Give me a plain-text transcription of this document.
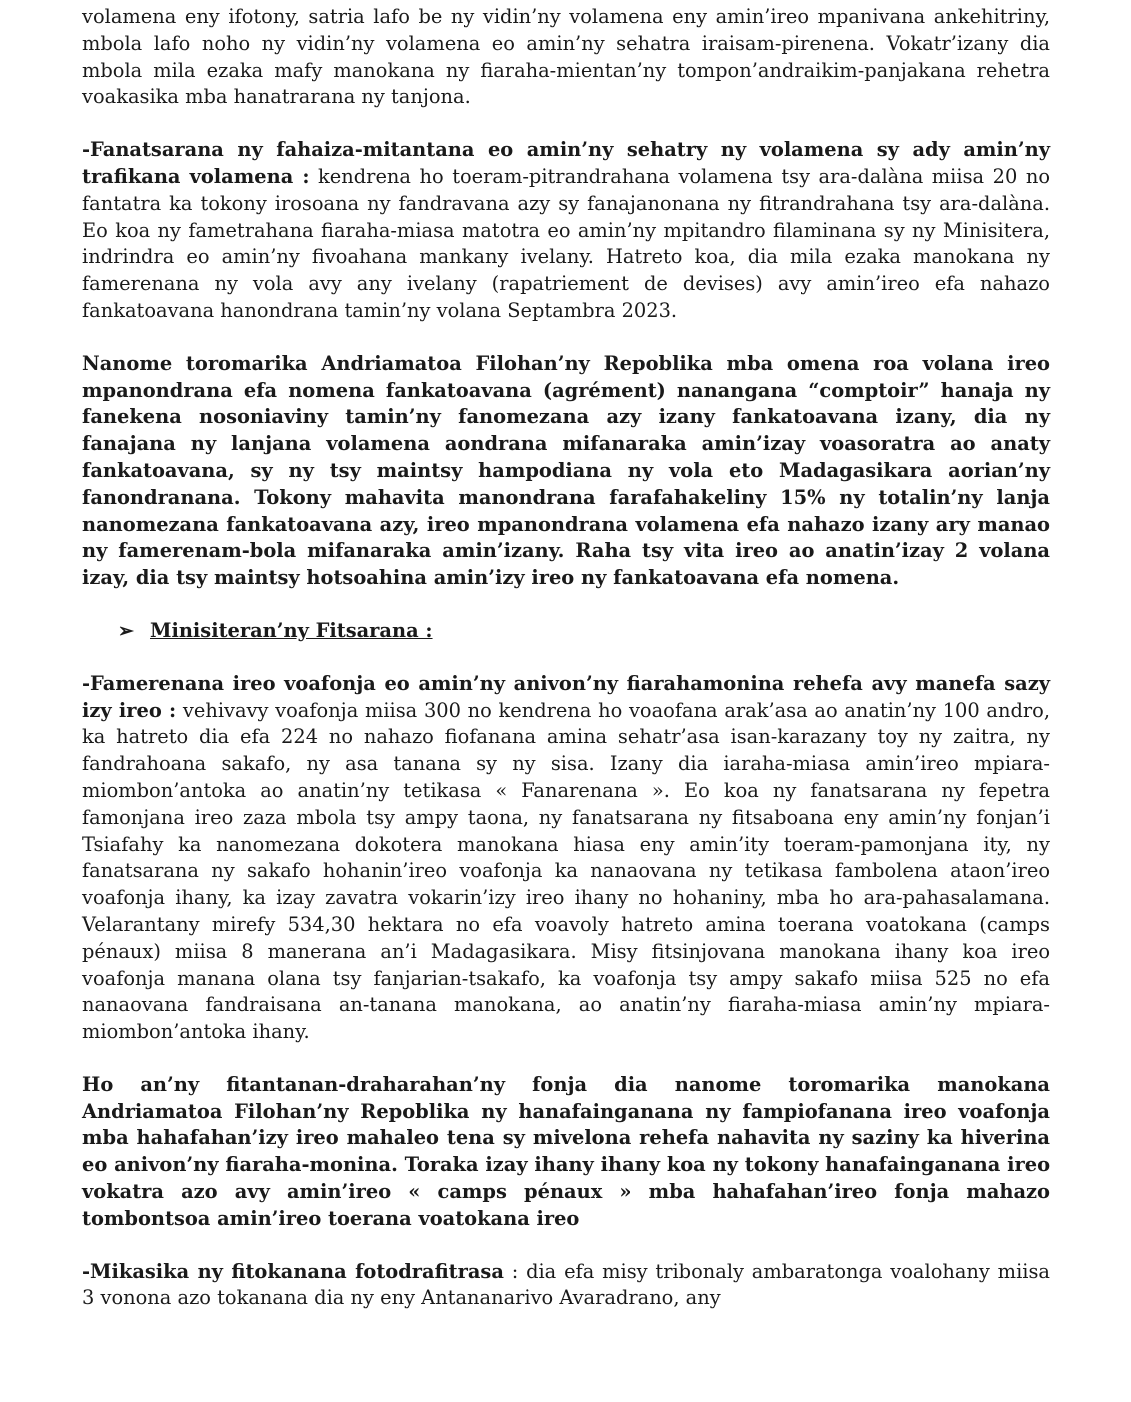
volamena eny ifotony, satria lafo be ny vidin’ny volamena eny amin’ireo mpanivana ankehitriny, mbola lafo noho ny vidin’ny volamena eo amin’ny sehatra iraisam-pirenena. Vokatr’izany dia mbola mila ezaka mafy manokana ny fiaraha-mientan’ny tompon’andraikim-panjakana rehetra voakasika mba hanatrarana ny tanjona.

-Fanatsarana ny fahaiza-mitantana eo amin’ny sehatry ny volamena sy ady amin’ny trafikana volamena : kendrena ho toeram-pitrandrahana volamena tsy ara-dalàna miisa 20 no fantatra ka tokony irosoana ny fandravana azy sy fanajanonana ny fitrandrahana tsy ara-dalàna. Eo koa ny fametrahana fiaraha-miasa matotra eo amin’ny mpitandro filaminana sy ny Minisitera, indrindra eo amin’ny fivoahana mankany ivelany. Hatreto koa, dia mila ezaka manokana ny famerenana ny vola avy any ivelany (rapatriement de devises) avy amin’ireo efa nahazo fankatoavana hanondrana tamin’ny volana Septambra 2023.

Nanome toromarika Andriamatoa Filohan’ny Repoblika mba omena roa volana ireo mpanondrana efa nomena fankatoavana (agrément) nanangana “comptoir” hanaja ny fanekena nosoniaviny tamin’ny fanomezana azy izany fankatoavana izany, dia ny fanajana ny lanjana volamena aondrana mifanaraka amin’izay voasoratra ao anaty fankatoavana, sy ny tsy maintsy hampodiana ny vola eto Madagasikara aorian’ny fanondranana. Tokony mahavita manondrana farafahakeliny 15% ny totalin’ny lanja nanomezana fankatoavana azy, ireo mpanondrana volamena efa nahazo izany ary manao ny famerenam-bola mifanaraka amin’izany. Raha tsy vita ireo ao anatin’izay 2 volana izay, dia tsy maintsy hotsoahina amin’izy ireo ny fankatoavana efa nomena.

➢ Minisiteran’ny Fitsarana :

-Famerenana ireo voafonja eo amin’ny anivon’ny fiarahamonina rehefa avy manefa sazy izy ireo : vehivavy voafonja miisa 300 no kendrena ho voaofana arak’asa ao anatin’ny 100 andro, ka hatreto dia efa 224 no nahazo fiofanana amina sehatr’asa isan-karazany toy ny zaitra, ny fandrahoana sakafo, ny asa tanana sy ny sisa. Izany dia iaraha-miasa amin’ireo mpiara-miombon’antoka ao anatin’ny tetikasa « Fanarenana ». Eo koa ny fanatsarana ny fepetra famonjana ireo zaza mbola tsy ampy taona, ny fanatsarana ny fitsaboana eny amin’ny fonjan’i Tsiafahy ka nanomezana dokotera manokana hiasa eny amin’ity toeram-pamonjana ity, ny fanatsarana ny sakafo hohanin’ireo voafonja ka nanaovana ny tetikasa fambolena ataon’ireo voafonja ihany, ka izay zavatra vokarin’izy ireo ihany no hohaniny, mba ho ara-pahasalamana. Velarantany mirefy 534,30 hektara no efa voavoly hatreto amina toerana voatokana (camps pénaux) miisa 8 manerana an’i Madagasikara. Misy fitsinjovana manokana ihany koa ireo voafonja manana olana tsy fanjarian-tsakafo, ka voafonja tsy ampy sakafo miisa 525 no efa nanaovana fandraisana an-tanana manokana, ao anatin’ny fiaraha-miasa amin’ny mpiara-miombon’antoka ihany.

Ho an’ny fitantanan-draharahan’ny fonja dia nanome toromarika manokana Andriamatoa Filohan’ny Repoblika ny hanafainganana ny fampiofanana ireo voafonja mba hahafahan’izy ireo mahaleo tena sy mivelona rehefa nahavita ny saziny ka hiverina eo anivon’ny fiaraha-monina. Toraka izay ihany ihany koa ny tokony hanafainganana ireo vokatra azo avy amin’ireo « camps pénaux » mba hahafahan’ireo fonja mahazo tombontsoa amin’ireo toerana voatokana ireo

-Mikasika ny fitokanana fotodrafitrasa : dia efa misy tribonaly ambaratonga voalohany miisa 3 vonona azo tokanana dia ny eny Antananarivo Avaradrano, any
